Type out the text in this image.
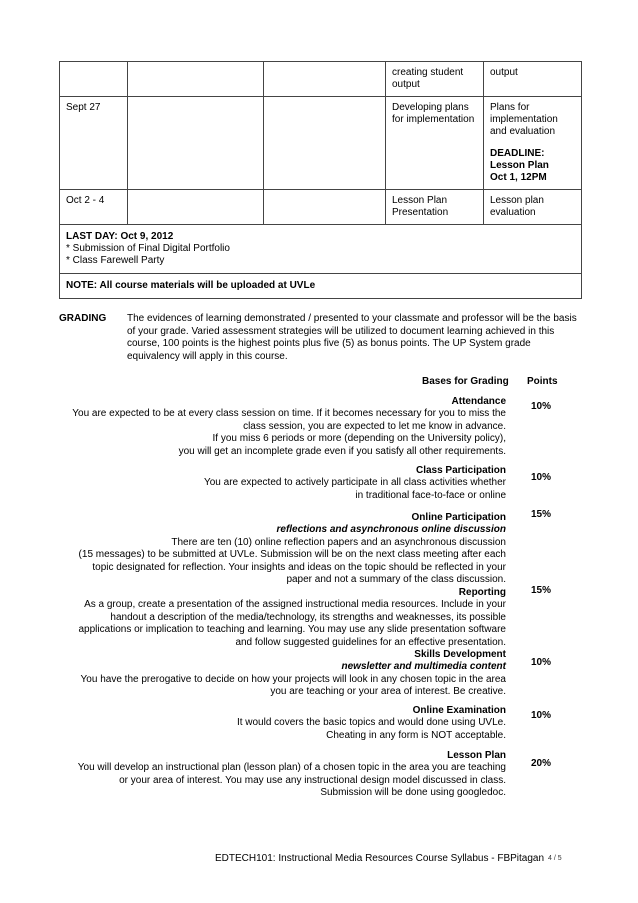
			creating student output	output
Sept 27			Developing plans for implementation	Plans for implementation and evaluation
DEADLINE:
Lesson Plan
Oct 1, 12PM

Oct 2 - 4			Lesson Plan Presentation	Lesson plan evaluation

LAST DAY: Oct 9, 2012
* Submission of Final Digital Portfolio
* Class Farewell Party				

NOTE: All course materials will be uploaded at UVLe				
GRADING The evidences of learning demonstrated / presented to your classmate and professor will be the basis of your grade. Varied assessment strategies will be utilized to document learning achieved in this course, 100 points is the highest points plus five (5) as bonus points. The UP System grade equivalency will apply in this course.
Bases for Grading Points
Attendance
You are expected to be at every class session on time. If it becomes necessary for you to miss the
class session, you are expected to let me know in advance.
If you miss 6 periods or more (depending on the University policy),
you will get an incomplete grade even if you satisfy all other requirements.
10%
Class Participation
You are expected to actively participate in all class activities whether
in traditional face-to-face or online
10%
Online Participation
reflections and asynchronous online discussion
There are ten (10) online reflection papers and an asynchronous discussion
(15 messages) to be submitted at UVLe. Submission will be on the next class meeting after each
topic designated for reflection. Your insights and ideas on the topic should be reflected in your
paper and not a summary of the class discussion.
15%
Reporting
As a group, create a presentation of the assigned instructional media resources. Include in your
handout a description of the media/technology, its strengths and weaknesses, its possible
applications or implication to teaching and learning. You may use any slide presentation software
and follow suggested guidelines for an effective presentation.
15%
Skills Development
newsletter and multimedia content
You have the prerogative to decide on how your projects will look in any chosen topic in the area
you are teaching or your area of interest. Be creative.
10%
Online Examination
It would covers the basic topics and would done using UVLe.
Cheating in any form is NOT acceptable.
10%
Lesson Plan
You will develop an instructional plan (lesson plan) of a chosen topic in the area you are teaching
or your area of interest. You may use any instructional design model discussed in class.
Submission will be done using googledoc.
20%
EDTECH101: Instructional Media Resources Course Syllabus - FBPitagan 4 / 5
